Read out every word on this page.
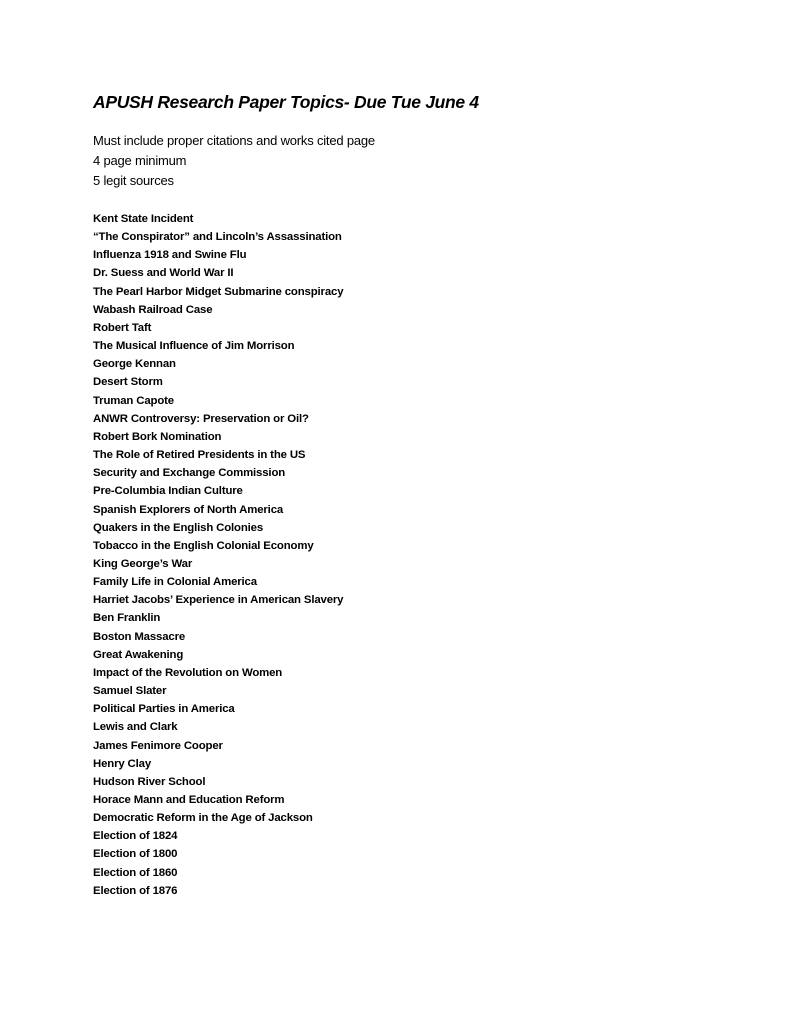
APUSH Research Paper Topics- Due Tue June 4
Must include proper citations and works cited page
4 page minimum
5 legit sources
Kent State Incident
“The Conspirator” and Lincoln’s Assassination
Influenza 1918 and Swine Flu
Dr. Suess and World War II
The Pearl Harbor Midget Submarine conspiracy
Wabash Railroad Case
Robert Taft
The Musical Influence of Jim Morrison
George Kennan
Desert Storm
Truman Capote
ANWR Controversy: Preservation or Oil?
Robert Bork Nomination
The Role of Retired Presidents in the US
Security and Exchange Commission
Pre-Columbia Indian Culture
Spanish Explorers of North America
Quakers in the English Colonies
Tobacco in the English Colonial Economy
King George’s War
Family Life in Colonial America
Harriet Jacobs’ Experience in American Slavery
Ben Franklin
Boston Massacre
Great Awakening
Impact of the Revolution on Women
Samuel Slater
Political Parties in America
Lewis and Clark
James Fenimore Cooper
Henry Clay
Hudson River School
Horace Mann and Education Reform
Democratic Reform in the Age of Jackson
Election of 1824
Election of 1800
Election of 1860
Election of 1876
